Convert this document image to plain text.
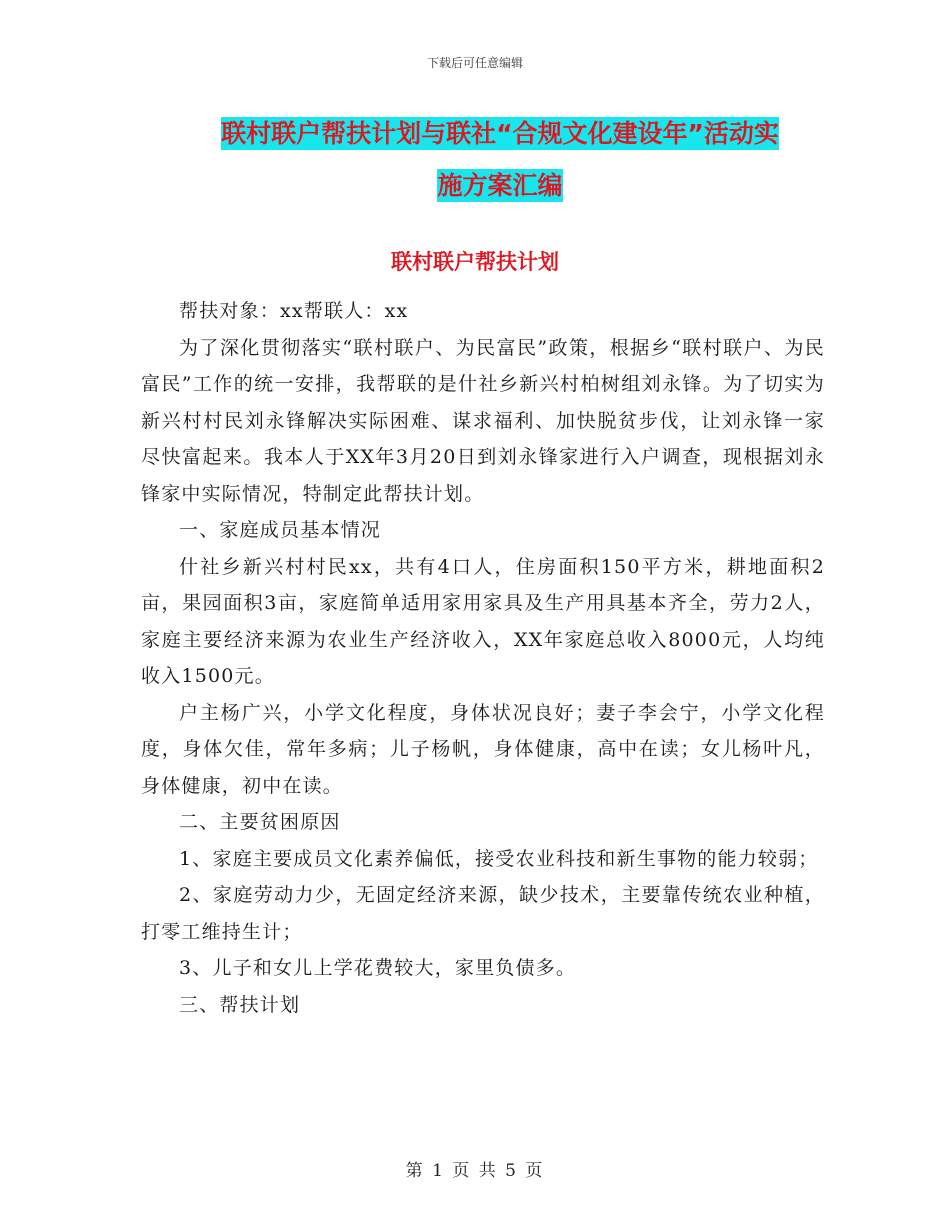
下载后可任意编辑
联村联户帮扶计划与联社“合规文化建设年”活动实
施方案汇编
联村联户帮扶计划

帮扶对象：xx帮联人：xx

为了深化贯彻落实“联村联户、为民富民”政策，根据乡“联村联户、为民富民”工作的统一安排，我帮联的是什社乡新兴村柏树组刘永锋。为了切实为新兴村村民刘永锋解决实际困难、谋求福利、加快脱贫步伐，让刘永锋一家尽快富起来。我本人于XX年3月20日到刘永锋家进行入户调查，现根据刘永锋家中实际情况，特制定此帮扶计划。

一、家庭成员基本情况

什社乡新兴村村民xx，共有4口人，住房面积150平方米，耕地面积2亩，果园面积3亩，家庭简单适用家用家具及生产用具基本齐全，劳力2人，家庭主要经济来源为农业生产经济收入，XX年家庭总收入8000元，人均纯收入1500元。

户主杨广兴，小学文化程度，身体状况良好；妻子李会宁，小学文化程度，身体欠佳，常年多病；儿子杨帆，身体健康，高中在读；女儿杨叶凡，身体健康，初中在读。

二、主要贫困原因

1、家庭主要成员文化素养偏低，接受农业科技和新生事物的能力较弱；

2、家庭劳动力少，无固定经济来源，缺少技术，主要靠传统农业种植，打零工维持生计；

3、儿子和女儿上学花费较大，家里负债多。

三、帮扶计划

第 1 页 共 5 页
